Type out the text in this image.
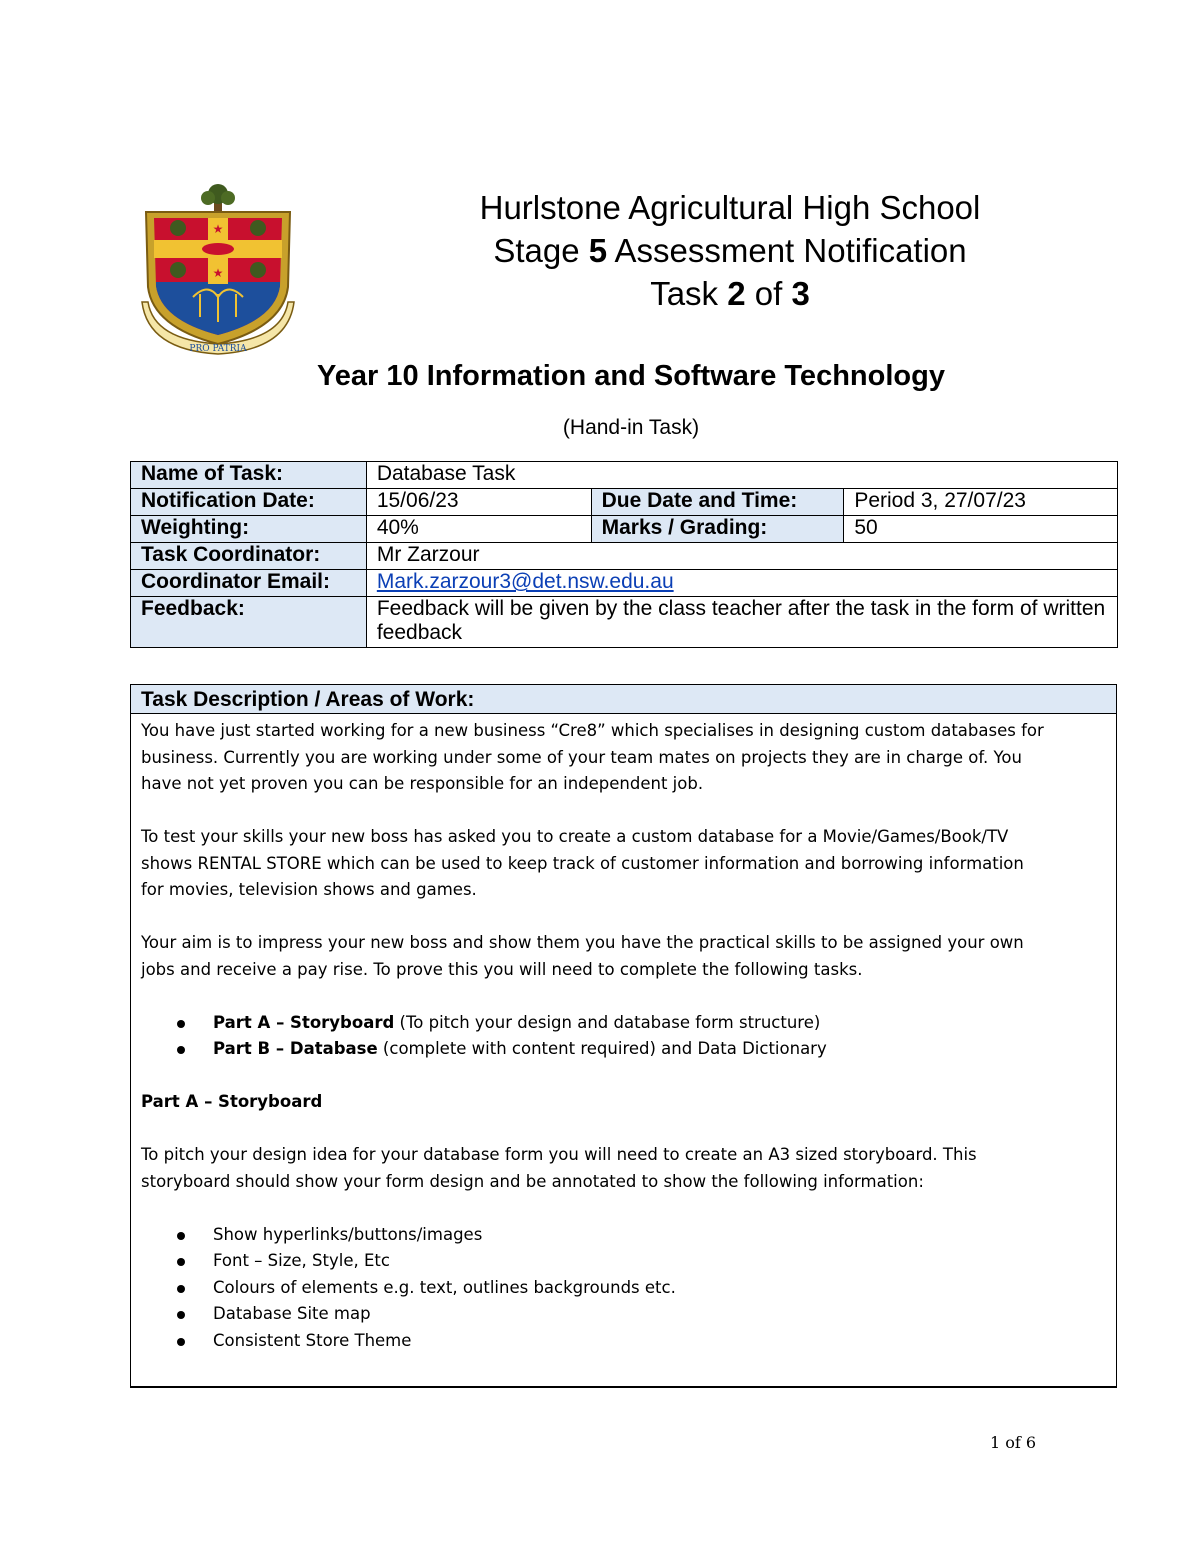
★	★
★
★
PRO PATRIA
Hurlstone Agricultural High School
Stage 5 Assessment Notification
Task 2 of 3
Year 10 Information and Software Technology
(Hand-in Task)
Name of Task:	Database Task		
Notification Date:	15/06/23	Due Date and Time:	Period 3, 27/07/23
Weighting:	40%	Marks / Grading:	50
Task Coordinator:	Mr Zarzour		
Coordinator Email:	Mark.zarzour3@det.nsw.edu.au		
Feedback:	Feedback will be given by the class teacher after the task in the form of written feedback		
Task Description / Areas of Work:

You have just started working for a new business “Cre8” which specialises in designing custom databases for

business. Currently you are working under some of your team mates on projects they are in charge of. You

have not yet proven you can be responsible for an independent job.

To test your skills your new boss has asked you to create a custom database for a Movie/Games/Book/TV

shows RENTAL STORE which can be used to keep track of customer information and borrowing information

for movies, television shows and games.

Your aim is to impress your new boss and show them you have the practical skills to be assigned your own

jobs and receive a pay rise. To prove this you will need to complete the following tasks.

Part A – Storyboard (To pitch your design and database form structure)
Part B – Database (complete with content required) and Data Dictionary

Part A – Storyboard

To pitch your design idea for your database form you will need to create an A3 sized storyboard. This

storyboard should show your form design and be annotated to show the following information:

Show hyperlinks/buttons/images
Font – Size, Style, Etc
Colours of elements e.g. text, outlines backgrounds etc.
Database Site map
Consistent Store Theme
1 of 6
